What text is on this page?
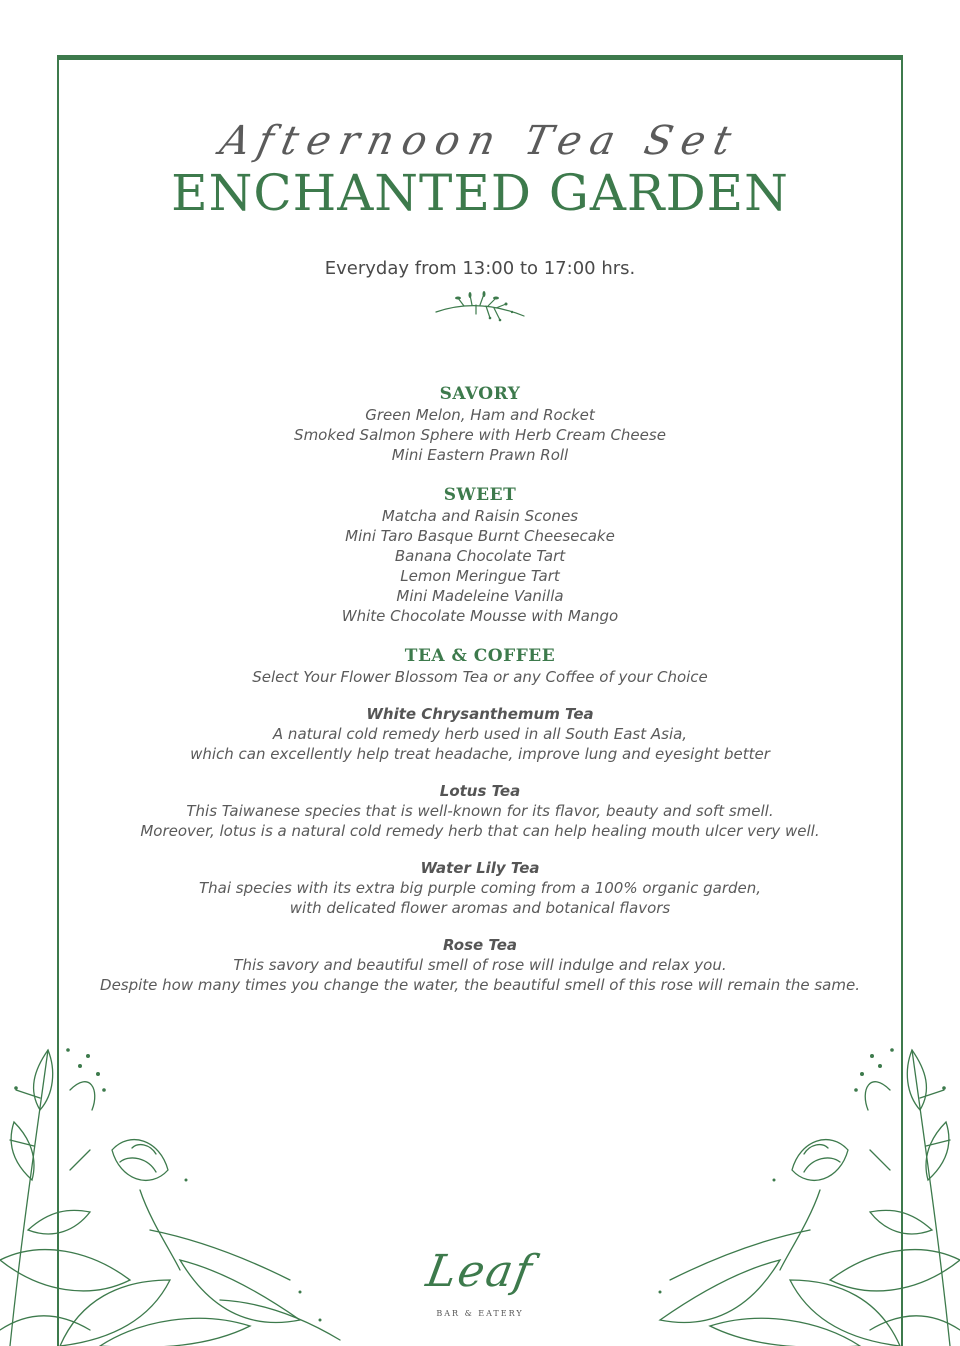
Afternoon Tea Set
ENCHANTED GARDEN
Everyday from 13:00 to 17:00 hrs.
SAVORY
Green Melon, Ham and Rocket
Smoked Salmon Sphere with Herb Cream Cheese
Mini Eastern Prawn Roll
SWEET
Matcha and Raisin Scones
Mini Taro Basque Burnt Cheesecake
Banana Chocolate Tart
Lemon Meringue Tart
Mini Madeleine Vanilla
White Chocolate Mousse with Mango
TEA & COFFEE
Select Your Flower Blossom Tea or any Coffee of your Choice
White Chrysanthemum Tea
A natural cold remedy herb used in all South East Asia,
which can excellently help treat headache, improve lung and eyesight better
Lotus Tea
This Taiwanese species that is well-known for its flavor, beauty and soft smell.
Moreover, lotus is a natural cold remedy herb that can help healing mouth ulcer very well.
Water Lily Tea
Thai species with its extra big purple coming from a 100% organic garden,
with delicated flower aromas and botanical flavors
Rose Tea
This savory and beautiful smell of rose will indulge and relax you.
Despite how many times you change the water, the beautiful smell of this rose will remain the same.
Leaf
BAR & EATERY
